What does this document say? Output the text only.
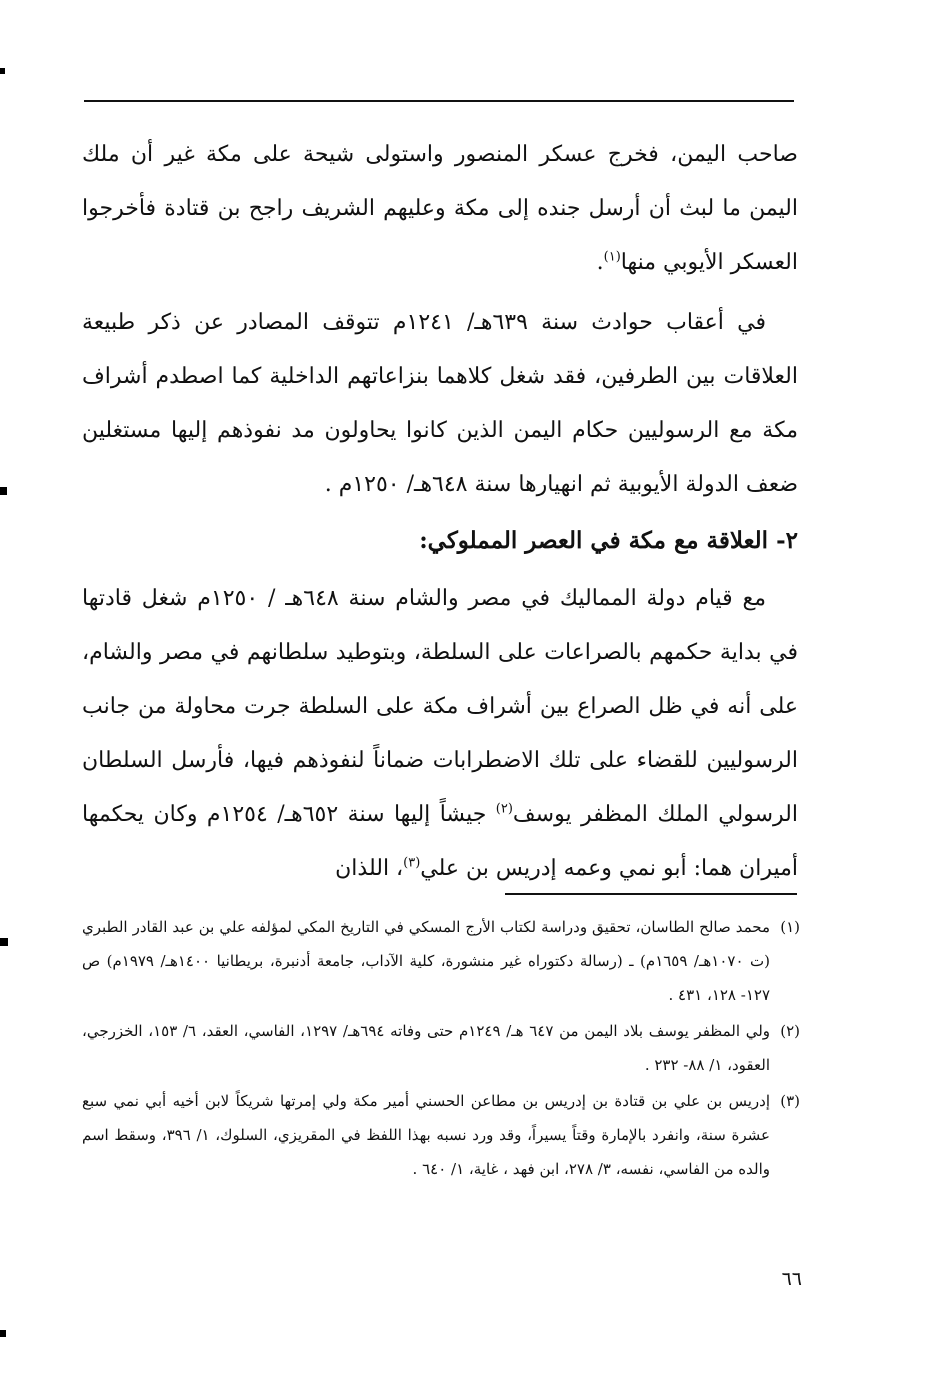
صاحب اليمن، فخرج عسكر المنصور واستولى شيحة على مكة غير أن ملك اليمن ما لبث أن أرسل جنده إلى مكة وعليهم الشريف راجح بن قتادة فأخرجوا العسكر الأيوبي منها$^{(١)}$.

في أعقاب حوادث سنة ٦٣٩هـ/ ١٢٤١م تتوقف المصادر عن ذكر طبيعة العلاقات بين الطرفين، فقد شغل كلاهما بنزاعاتهم الداخلية كما اصطدم أشراف مكة مع الرسوليين حكام اليمن الذين كانوا يحاولون مد نفوذهم إليها مستغلين ضعف الدولة الأيوبية ثم انهيارها سنة ٦٤٨هـ/ ١٢٥٠م .

٢- العلاقة مع مكة في العصر المملوكي:

مع قيام دولة المماليك في مصر والشام سنة ٦٤٨هـ / ١٢٥٠م شغل قادتها في بداية حكمهم بالصراعات على السلطة، وبتوطيد سلطانهم في مصر والشام، على أنه في ظل الصراع بين أشراف مكة على السلطة جرت محاولة من جانب الرسوليين للقضاء على تلك الاضطرابات ضماناً لنفوذهم فيها، فأرسل السلطان الرسولي الملك المظفر يوسف$^{(٢)}$ جيشاً إليها سنة ٦٥٢هـ/ ١٢٥٤م وكان يحكمها أميران هما: أبو نمي وعمه إدريس بن علي$^{(٣)}$، اللذان

(١)
محمد صالح الطاسان، تحقيق ودراسة لكتاب الأرج المسكي في التاريخ المكي لمؤلفه علي بن عبد القادر الطبري (ت ١٠٧٠هـ/ ١٦٥٩م) ـ (رسالة دكتوراه غير منشورة، كلية الآداب، جامعة أدنبرة، بريطانيا ١٤٠٠هـ/ ١٩٧٩م) ص ١٢٧- ١٢٨، ٤٣١ .
(٢)
ولي المظفر يوسف بلاد اليمن من ٦٤٧ هـ/ ١٢٤٩م حتى وفاته ٦٩٤هـ/ ١٢٩٧، الفاسي، العقد، ٦/ ١٥٣، الخزرجي، العقود، ١/ ٨٨- ٢٣٢ .
(٣)
إدريس بن علي بن قتادة بن إدريس بن مطاعن الحسني أمير مكة ولي إمرتها شريكاً لابن أخيه أبي نمي سبع عشرة سنة، وانفرد بالإمارة وقتاً يسيراً، وقد ورد نسبه بهذا اللفظ في المقريزي، السلوك، ١/ ٣٩٦، وسقط اسم والده من الفاسي، نفسه، ٣/ ٢٧٨، ابن فهد ، غاية، ١/ ٦٤٠ .
٦٦
